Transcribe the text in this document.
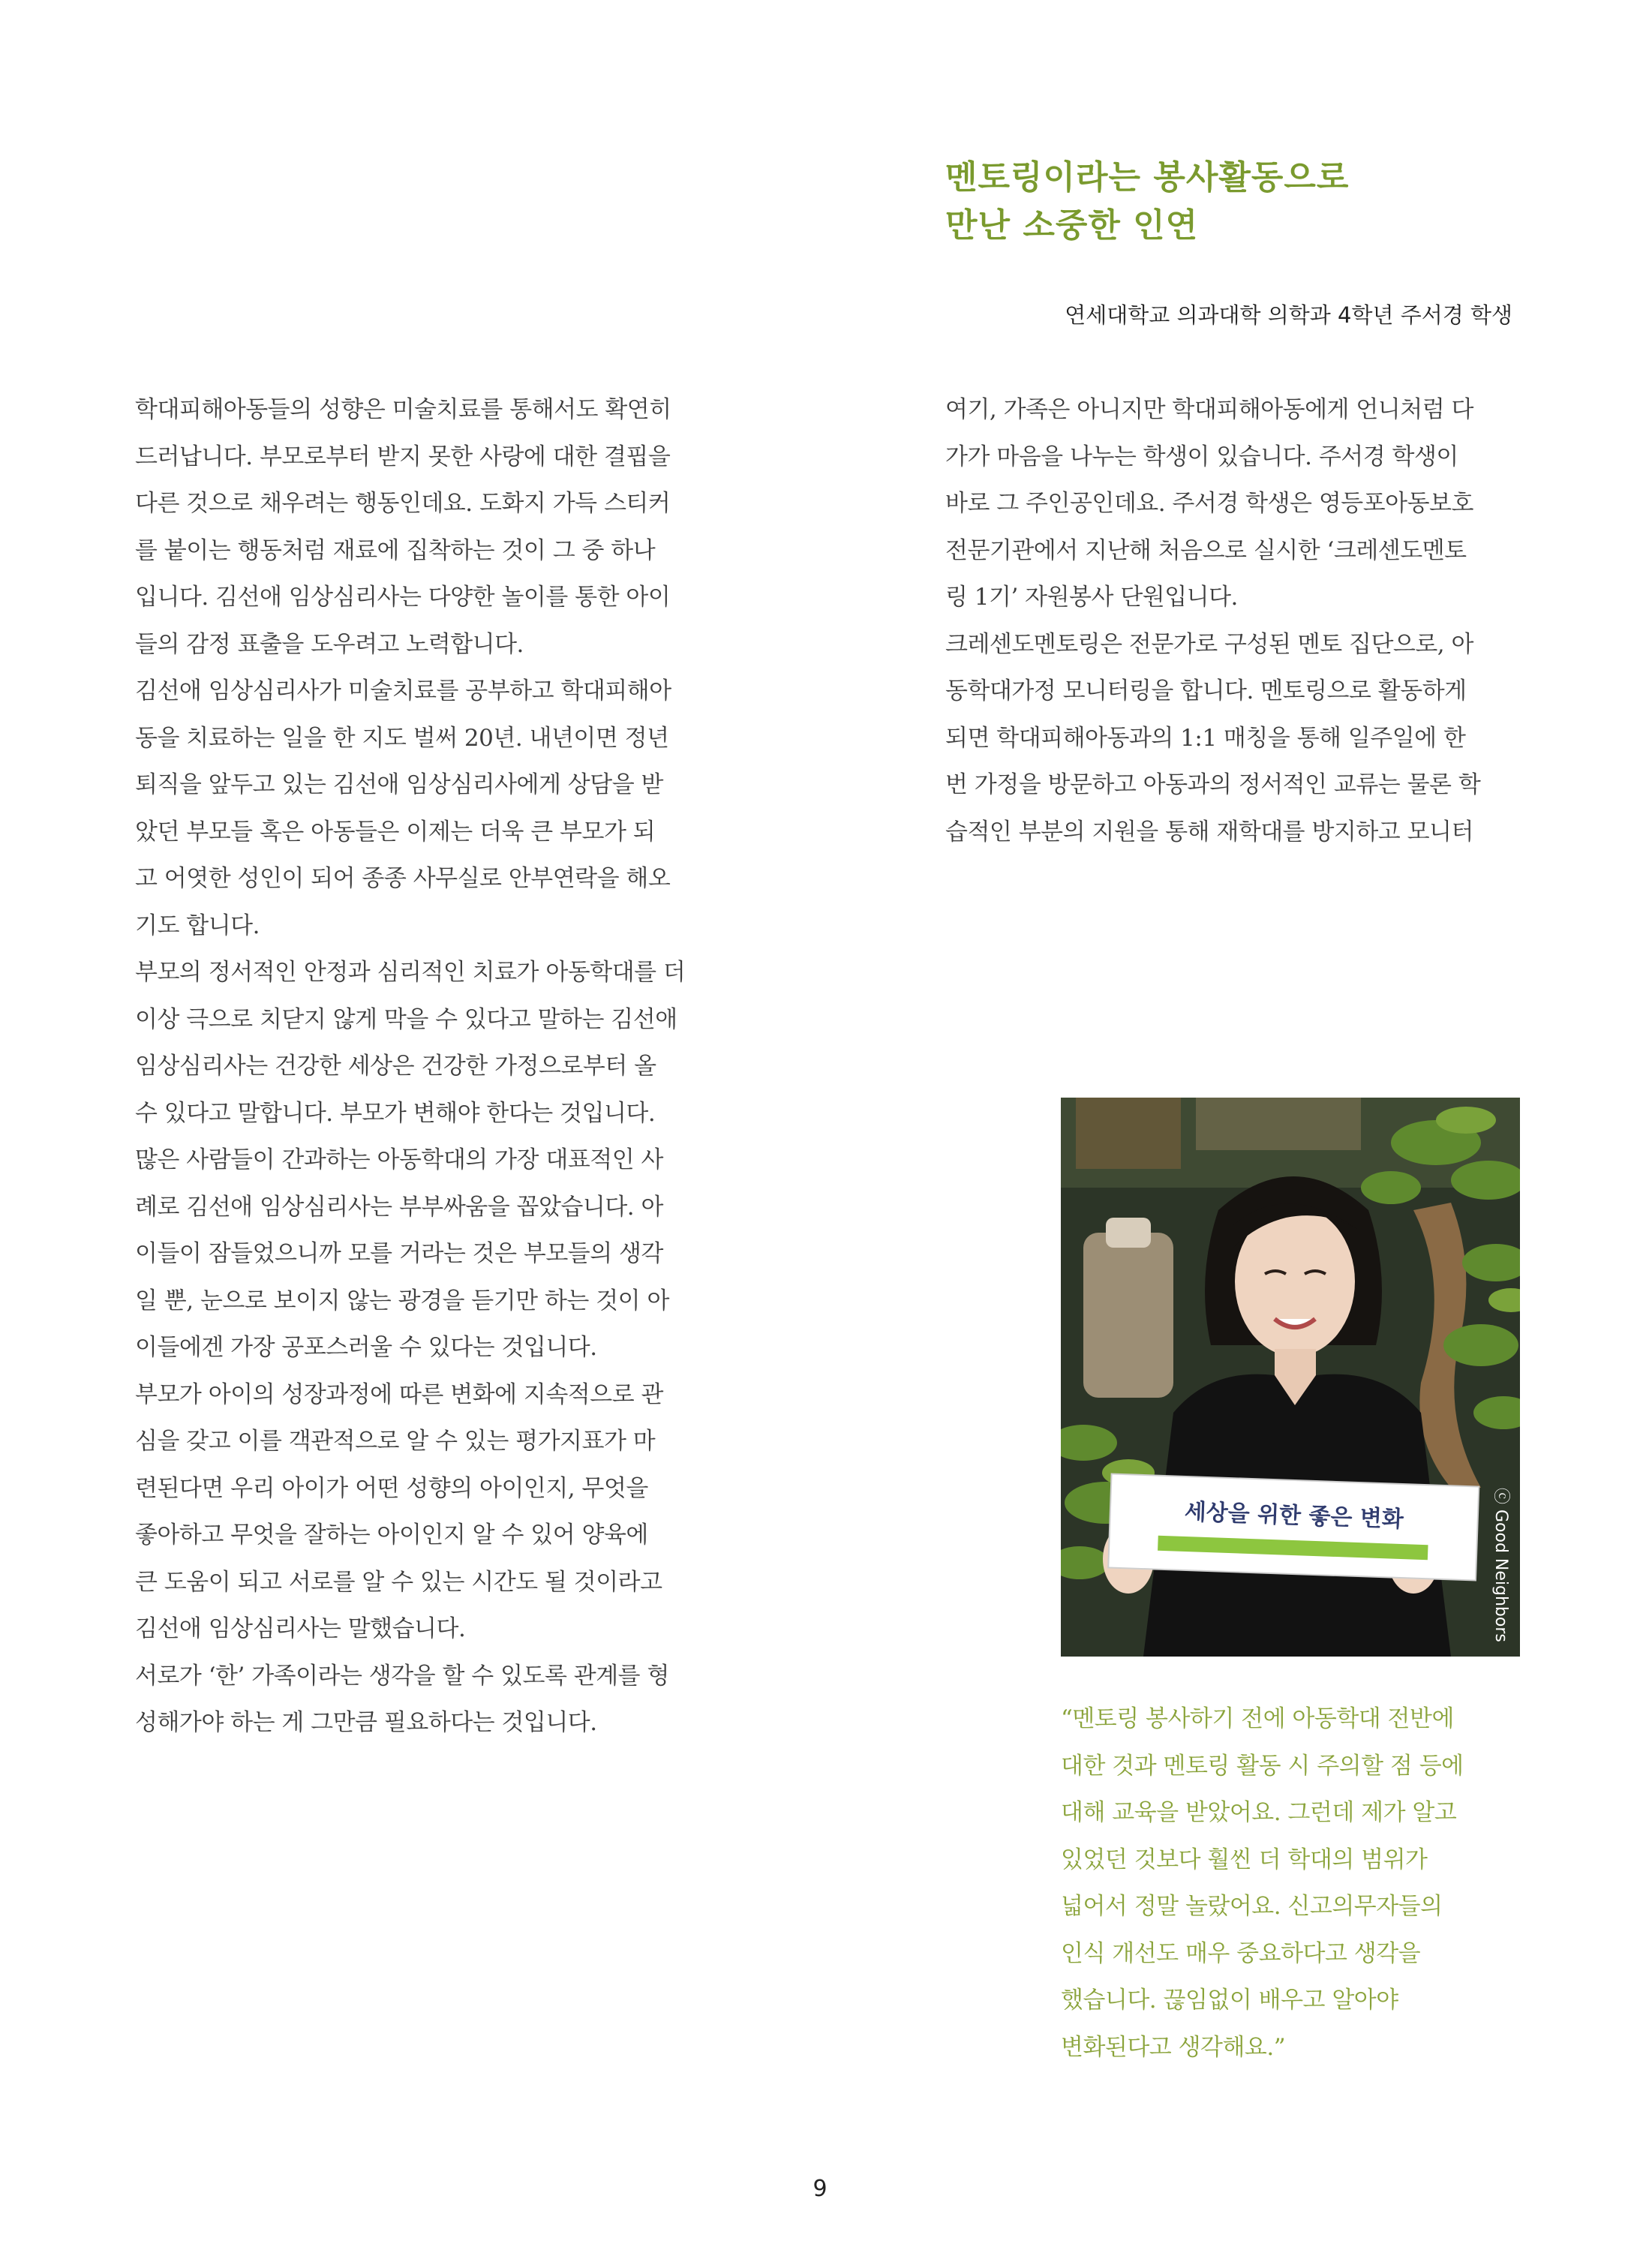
멘토링이라는 봉사활동으로
만난 소중한 인연
연세대학교 의과대학 의학과 4학년 주서경 학생
학대피해아동들의 성향은 미술치료를 통해서도 확연히
드러납니다. 부모로부터 받지 못한 사랑에 대한 결핍을
다른 것으로 채우려는 행동인데요. 도화지 가득 스티커
를 붙이는 행동처럼 재료에 집착하는 것이 그 중 하나
입니다. 김선애 임상심리사는 다양한 놀이를 통한 아이
들의 감정 표출을 도우려고 노력합니다.
김선애 임상심리사가 미술치료를 공부하고 학대피해아
동을 치료하는 일을 한 지도 벌써 20년. 내년이면 정년
퇴직을 앞두고 있는 김선애 임상심리사에게 상담을 받
았던 부모들 혹은 아동들은 이제는 더욱 큰 부모가 되
고 어엿한 성인이 되어 종종 사무실로 안부연락을 해오
기도 합니다.
부모의 정서적인 안정과 심리적인 치료가 아동학대를 더
이상 극으로 치닫지 않게 막을 수 있다고 말하는 김선애
임상심리사는 건강한 세상은 건강한 가정으로부터 올
수 있다고 말합니다. 부모가 변해야 한다는 것입니다.
많은 사람들이 간과하는 아동학대의 가장 대표적인 사
례로 김선애 임상심리사는 부부싸움을 꼽았습니다. 아
이들이 잠들었으니까 모를 거라는 것은 부모들의 생각
일 뿐, 눈으로 보이지 않는 광경을 듣기만 하는 것이 아
이들에겐 가장 공포스러울 수 있다는 것입니다.
부모가 아이의 성장과정에 따른 변화에 지속적으로 관
심을 갖고 이를 객관적으로 알 수 있는 평가지표가 마
련된다면 우리 아이가 어떤 성향의 아이인지, 무엇을
좋아하고 무엇을 잘하는 아이인지 알 수 있어 양육에
큰 도움이 되고 서로를 알 수 있는 시간도 될 것이라고
김선애 임상심리사는 말했습니다.
서로가 ‘한’ 가족이라는 생각을 할 수 있도록 관계를 형
성해가야 하는 게 그만큼 필요하다는 것입니다.
여기, 가족은 아니지만 학대피해아동에게 언니처럼 다
가가 마음을 나누는 학생이 있습니다. 주서경 학생이
바로 그 주인공인데요. 주서경 학생은 영등포아동보호
전문기관에서 지난해 처음으로 실시한 ‘크레센도멘토
링 1기’ 자원봉사 단원입니다.
크레센도멘토링은 전문가로 구성된 멘토 집단으로, 아
동학대가정 모니터링을 합니다. 멘토링으로 활동하게
되면 학대피해아동과의 1:1 매칭을 통해 일주일에 한
번 가정을 방문하고 아동과의 정서적인 교류는 물론 학
습적인 부분의 지원을 통해 재학대를 방지하고 모니터
세상을 위한 좋은 변화	ⓒ Good Neighbors
“멘토링 봉사하기 전에 아동학대 전반에
대한 것과 멘토링 활동 시 주의할 점 등에
대해 교육을 받았어요. 그런데 제가 알고
있었던 것보다 훨씬 더 학대의 범위가
넓어서 정말 놀랐어요. 신고의무자들의
인식 개선도 매우 중요하다고 생각을
했습니다. 끊임없이 배우고 알아야
변화된다고 생각해요.”
9
